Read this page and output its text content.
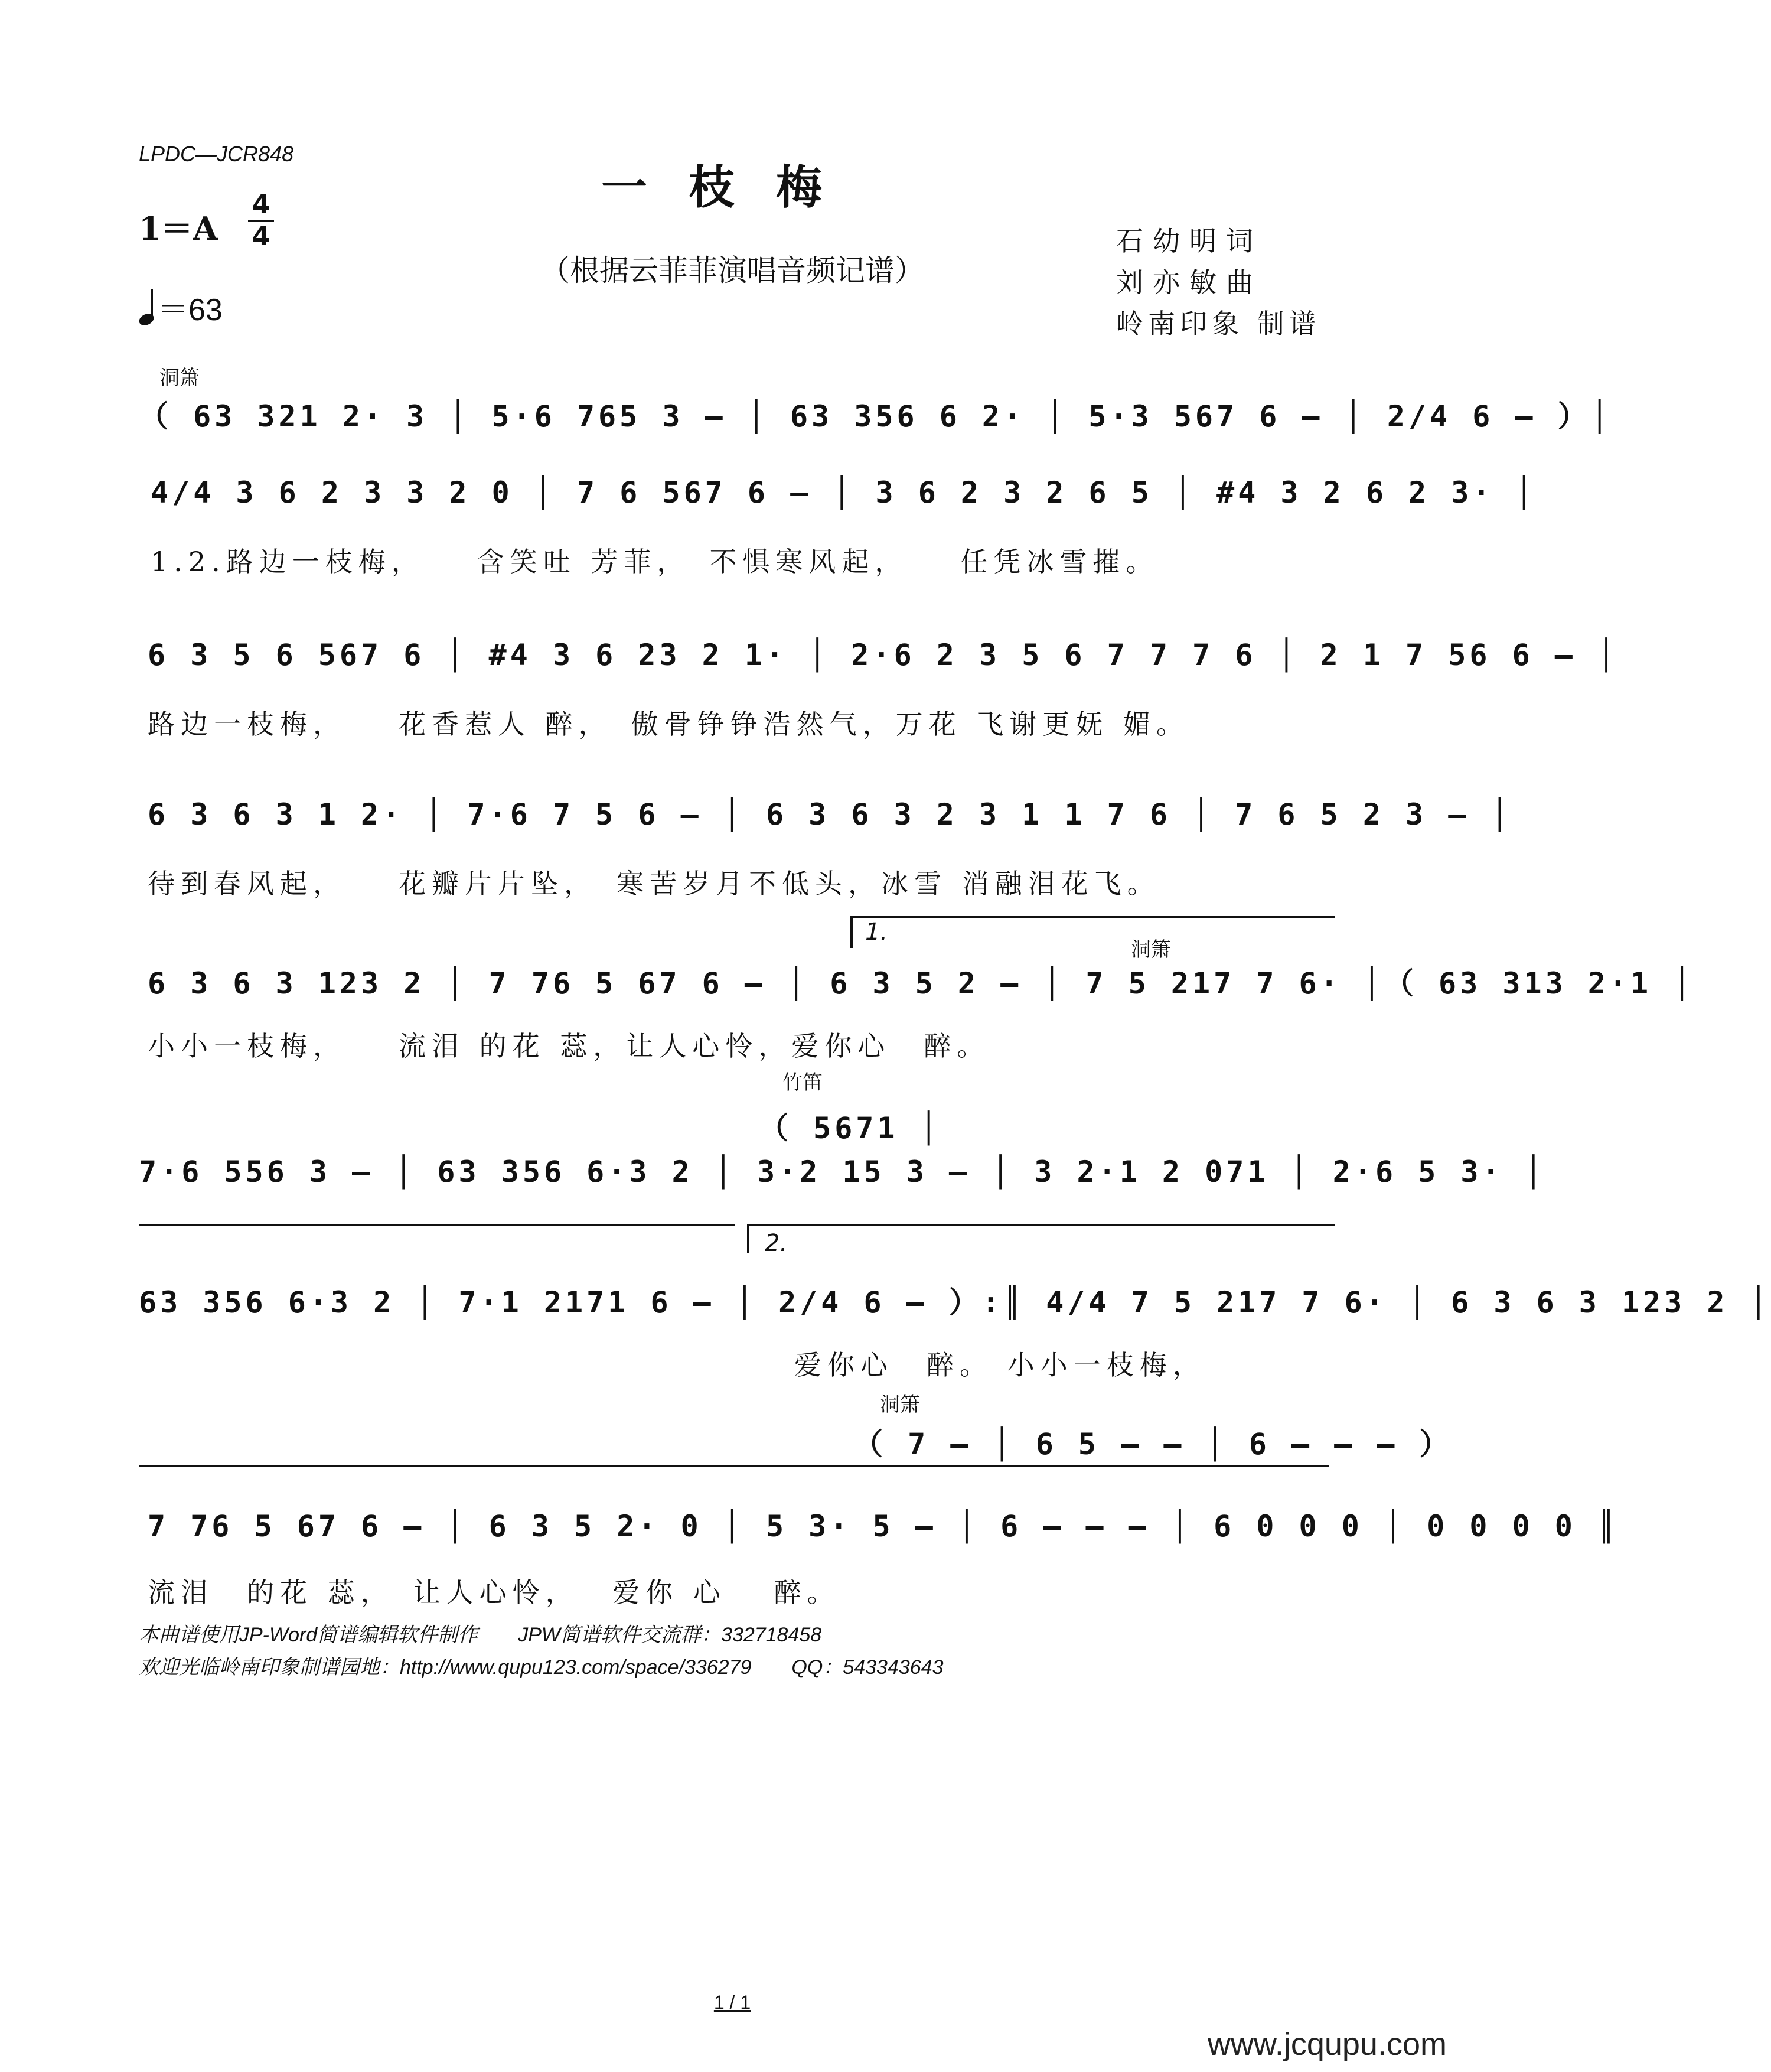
LPDC—JCR848
一枝梅
（根据云菲菲演唱音频记谱）
1＝A
4
4
＝63
石幼明词
刘亦敏曲
岭南印象 制谱
洞箫
（ 63 321 2· 3 │ 5·6 765 3 – │ 63 356 6 2· │ 5·3 567 6 – │ 2/4 6 – ）│
4/4 3 6 2 3 3 2 0 │ 7 6 567 6 – │ 3 6 2 3 2 6 5 │ #4 3 2 6 2 3· │
1.2.路边一枝梅，　　含笑吐 芳菲，　不惧寒风起，　　任凭冰雪摧。
6 3 5 6 567 6 │ #4 3 6 23 2 1· │ 2·6 2 3 5 6 7 7 7 6 │ 2 1 7 56 6 – │
路边一枝梅，　　花香惹人 醉，　傲骨铮铮浩然气，万花 飞谢更妩 媚。
6 3 6 3 1 2· │ 7·6 7 5 6 – │ 6 3 6 3 2 3 1 1 7 6 │ 7 6 5 2 3 – │
待到春风起，　　花瓣片片坠，　寒苦岁月不低头，冰雪 消融泪花飞。
1.
洞箫
6 3 6 3 123 2 │ 7 76 5 67 6 – │ 6 3 5 2 – │ 7 5 217 7 6· │（ 63 313 2·1 │
小小一枝梅，　　流泪 的花 蕊，让人心怜，爱你心　醉。
竹笛
（ 5671 │
7·6 556 3 – │ 63 356 6·3 2 │ 3·2 15 3 – │ 3 2·1 2 071 │ 2·6 5 3· │
2.
63 356 6·3 2 │ 7·1 2171 6 – │ 2/4 6 – ）:║ 4/4 7 5 217 7 6· │ 6 3 6 3 123 2 │
爱你心　醉。 小小一枝梅，
洞箫
（ 7 – │ 6 5 – – │ 6 – – – ）
7 76 5 67 6 – │ 6 3 5 2· 0 │ 5 3· 5 – │ 6 – – – │ 6 0 0 0 │ 0 0 0 0 ║
流泪　的花 蕊，　让人心怜，　 爱你 心　 醉。
本曲谱使用JP-Word简谱编辑软件制作　　JPW简谱软件交流群：332718458
欢迎光临岭南印象制谱园地：http://www.qupu123.com/space/336279　　QQ：543343643
1 / 1
www.jcqupu.com
